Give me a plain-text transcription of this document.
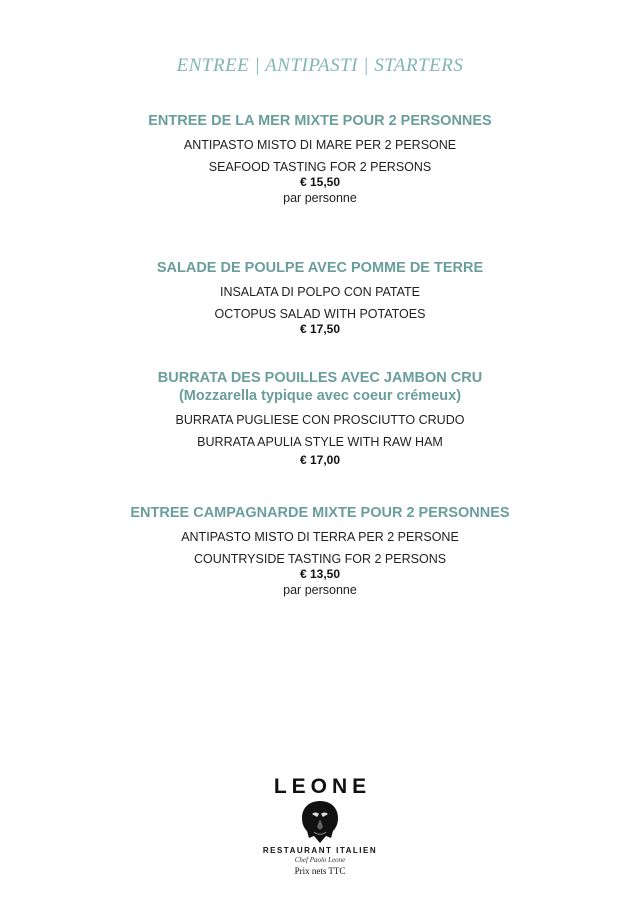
ENTREE | ANTIPASTI | STARTERS
ENTREE DE LA MER MIXTE POUR 2 PERSONNES
ANTIPASTO MISTO DI MARE PER 2 PERSONE
SEAFOOD TASTING FOR 2 PERSONS
€ 15,50
par personne
SALADE DE POULPE AVEC POMME DE TERRE
INSALATA DI POLPO CON PATATE
OCTOPUS SALAD WITH POTATOES
€ 17,50
BURRATA DES POUILLES AVEC JAMBON CRU
(Mozzarella typique avec coeur crémeux)
BURRATA PUGLIESE CON PROSCIUTTO CRUDO
BURRATA APULIA STYLE WITH RAW HAM
€ 17,00
ENTREE CAMPAGNARDE MIXTE POUR 2 PERSONNES
ANTIPASTO MISTO DI TERRA PER 2 PERSONE
COUNTRYSIDE TASTING FOR 2 PERSONS
€ 13,50
par personne
LEONE
RESTAURANT ITALIEN
Chef Paolo Leone
Prix nets TTC
